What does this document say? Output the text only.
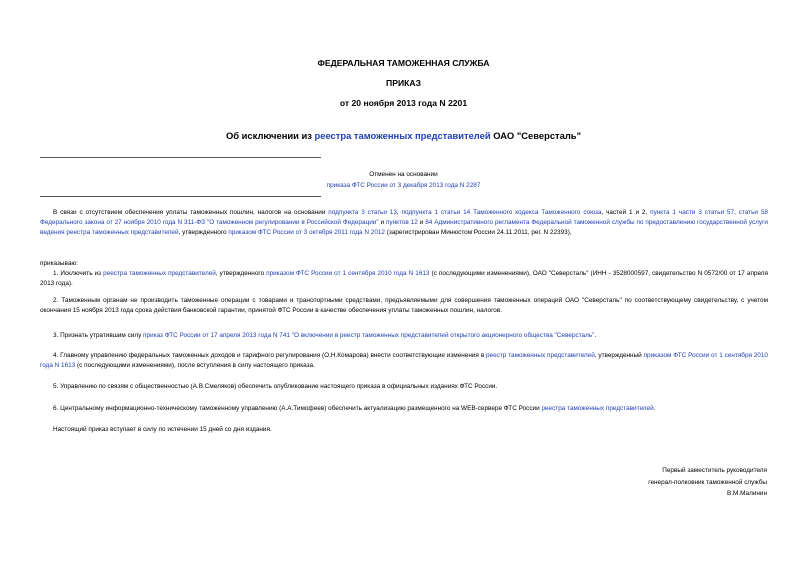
ФЕДЕРАЛЬНАЯ ТАМОЖЕННАЯ СЛУЖБА
ПРИКАЗ
от 20 ноября 2013 года N 2201
Об исключении из реестра таможенных представителей ОАО "Северсталь"
Отменен на основании
приказа ФТС России от 3 декабря 2013 года N 2287

В связи с отсутствием обеспечения уплаты таможенных пошлин, налогов на основании подпункта 3 статьи 13, подпункта 1 статьи 14 Таможенного кодекса Таможенного союза, частей 1 и 2, пункта 1 части 3 статьи 57, статьи 58 Федерального закона от 27 ноября 2010 года N 311-ФЗ "О таможенном регулировании в Российской Федерации" и пунктов 12 и 84 Административного регламента Федеральной таможенной службы по предоставлению государственной услуги ведения реестра таможенных представителей, утвержденного приказом ФТС России от 3 октября 2011 года N 2012 (зарегистрирован Минюстом России 24.11.2011, рег. N 22393),

приказываю:

1. Исключить из реестра таможенных представителей, утвержденного приказом ФТС России от 1 сентября 2010 года N 1613 (с последующими изменениями), ОАО "Северсталь" (ИНН - 3528000597, свидетельство N 0572/00 от 17 апреля 2013 года).

2. Таможенным органам не производить таможенные операции с товарами и транспортными средствами, предъявляемыми для совершения таможенных операций ОАО "Северсталь" по соответствующему свидетельству, с учетом окончания 15 ноября 2013 года срока действия банковской гарантии, принятой ФТС России в качестве обеспечения уплаты таможенных пошлин, налогов.

3. Признать утратившим силу приказ ФТС России от 17 апреля 2013 года N 741 "О включении в реестр таможенных представителей открытого акционерного общества "Северсталь".

4. Главному управлению федеральных таможенных доходов и тарифного регулирования (О.Н.Комарова) внести соответствующие изменения в реестр таможенных представителей, утвержденный приказом ФТС России от 1 сентября 2010 года N 1613 (с последующими изменениями), после вступления в силу настоящего приказа.

5. Управлению по связям с общественностью (А.В.Смеляков) обеспечить опубликование настоящего приказа в официальных изданиях ФТС России.

6. Центральному информационно-техническому таможенному управлению (А.А.Тимофеев) обеспечить актуализацию размещенного на WEB-сервере ФТС России реестра таможенных представителей.

Настоящий приказ вступает в силу по истечении 15 дней со дня издания.

Первый заместитель руководителя
генерал-полковник таможенной службы
В.М.Малинин
